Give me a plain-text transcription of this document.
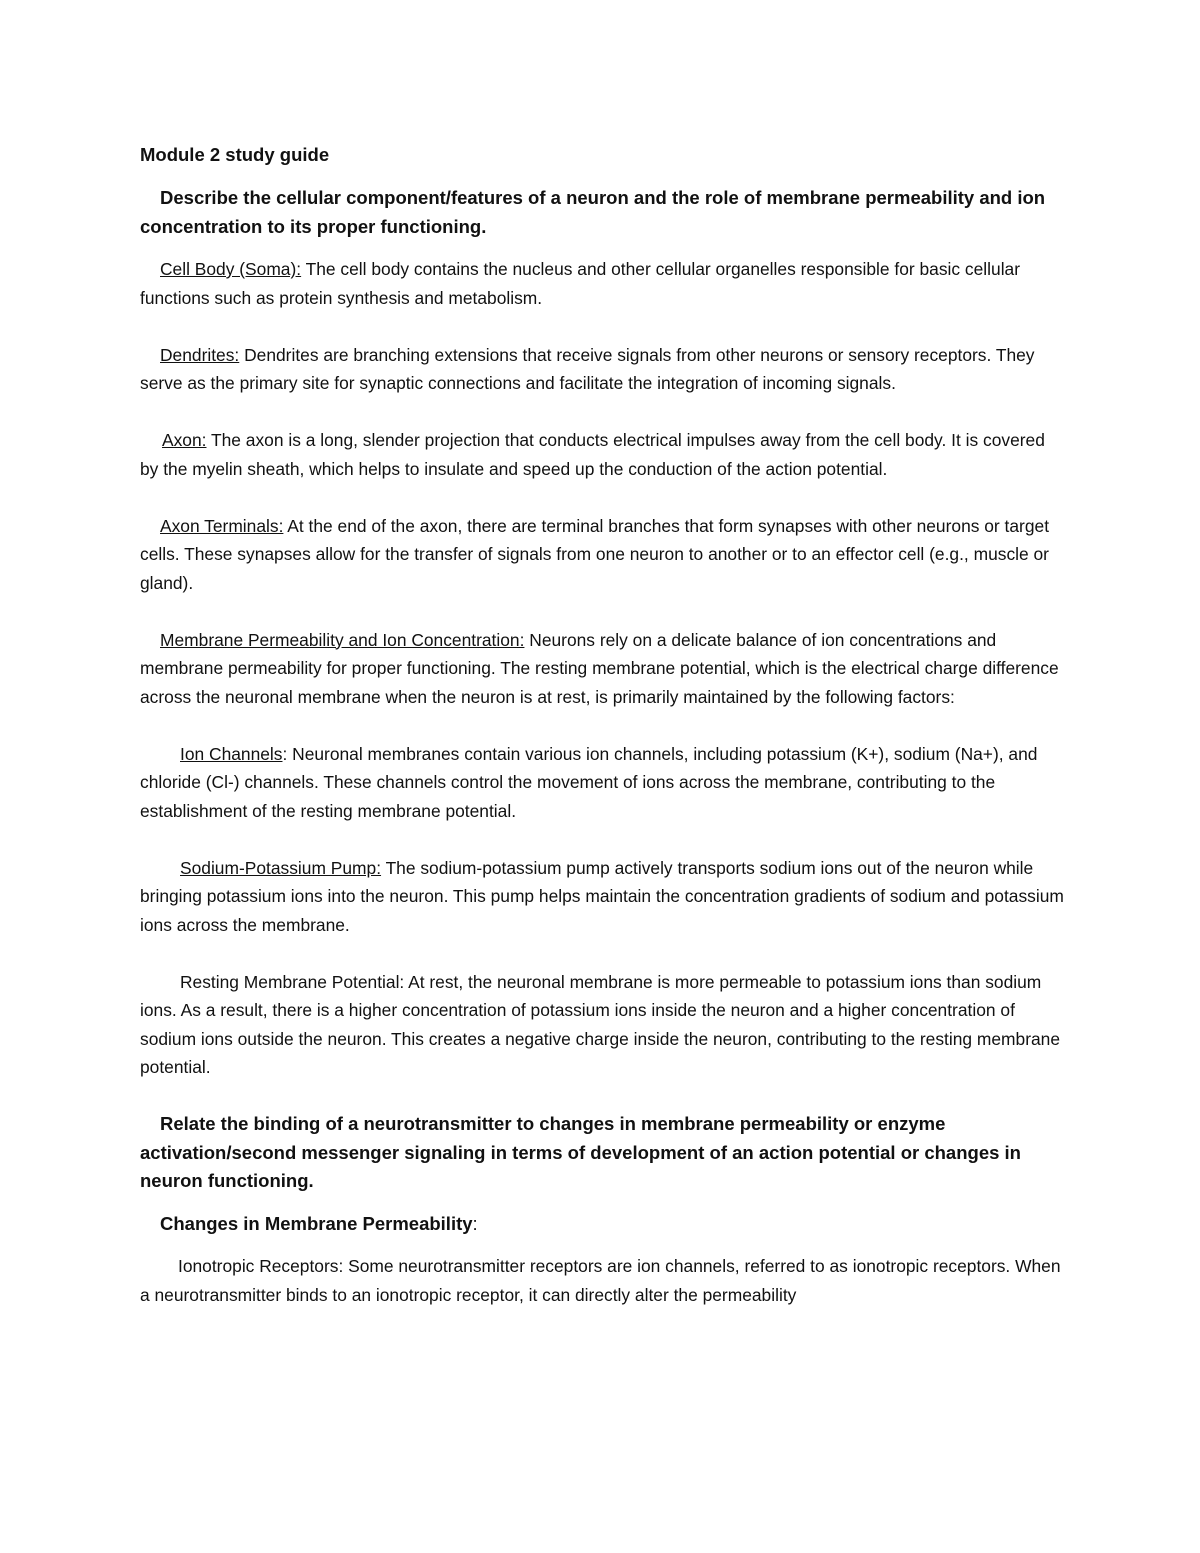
Module 2 study guide

Describe the cellular component/features of a neuron and the role of membrane permeability and ion concentration to its proper functioning.

Cell Body (Soma): The cell body contains the nucleus and other cellular organelles responsible for basic cellular functions such as protein synthesis and metabolism.

Dendrites: Dendrites are branching extensions that receive signals from other neurons or sensory receptors. They serve as the primary site for synaptic connections and facilitate the integration of incoming signals.

Axon: The axon is a long, slender projection that conducts electrical impulses away from the cell body. It is covered by the myelin sheath, which helps to insulate and speed up the conduction of the action potential.

Axon Terminals: At the end of the axon, there are terminal branches that form synapses with other neurons or target cells. These synapses allow for the transfer of signals from one neuron to another or to an effector cell (e.g., muscle or gland).

Membrane Permeability and Ion Concentration: Neurons rely on a delicate balance of ion concentrations and membrane permeability for proper functioning. The resting membrane potential, which is the electrical charge difference across the neuronal membrane when the neuron is at rest, is primarily maintained by the following factors:

Ion Channels: Neuronal membranes contain various ion channels, including potassium (K+), sodium (Na+), and chloride (Cl-) channels. These channels control the movement of ions across the membrane, contributing to the establishment of the resting membrane potential.

Sodium-Potassium Pump: The sodium-potassium pump actively transports sodium ions out of the neuron while bringing potassium ions into the neuron. This pump helps maintain the concentration gradients of sodium and potassium ions across the membrane.

Resting Membrane Potential: At rest, the neuronal membrane is more permeable to potassium ions than sodium ions. As a result, there is a higher concentration of potassium ions inside the neuron and a higher concentration of sodium ions outside the neuron. This creates a negative charge inside the neuron, contributing to the resting membrane potential.

Relate the binding of a neurotransmitter to changes in membrane permeability or enzyme activation/second messenger signaling in terms of development of an action potential or changes in neuron functioning.

Changes in Membrane Permeability:

Ionotropic Receptors: Some neurotransmitter receptors are ion channels, referred to as ionotropic receptors. When a neurotransmitter binds to an ionotropic receptor, it can directly alter the permeability
